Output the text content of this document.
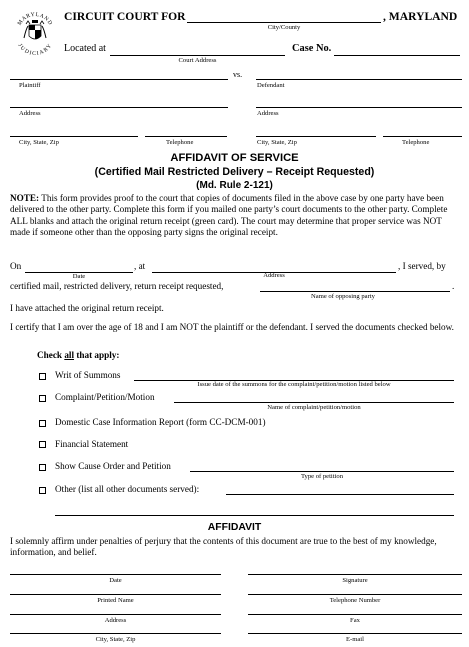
MARYLAND
JUDICIARY
CIRCUIT COURT FOR	, MARYLAND
City/County
Located at	Case No.
Court Address
vs.
Plaintiff	Defendant
Address	Address
City, State, Zip	Telephone	City, State, Zip	Telephone
AFFIDAVIT OF SERVICE
(Certified Mail Restricted Delivery – Receipt Requested)
(Md. Rule 2-121)
NOTE: This form provides proof to the court that copies of documents filed in the above case by one party have been delivered to the other party. Complete this form if you mailed one party’s court documents to the other party. Complete ALL blanks and attach the original return receipt (green card). The court may determine that proper service was NOT made if someone other than the opposing party signs the original receipt.
On	, at	, I served, by
Date	Address
certified mail, restricted delivery, return receipt requested,	.
Name of opposing party
I have attached the original return receipt.
I certify that I am over the age of 18 and I am NOT the plaintiff or the defendant. I served the documents checked below.
Check all that apply:
Writ of Summons
Issue date of the summons for the complaint/petition/motion listed below
Complaint/Petition/Motion
Name of complaint/petition/motion
Domestic Case Information Report (form CC-DCM-001)
Financial Statement
Show Cause Order and Petition
Type of petition
Other (list all other documents served):
AFFIDAVIT
I solemnly affirm under penalties of perjury that the contents of this document are true to the best of my knowledge, information, and belief.
Date	Signature
Printed Name	Telephone Number
Address	Fax
City, State, Zip	E-mail
